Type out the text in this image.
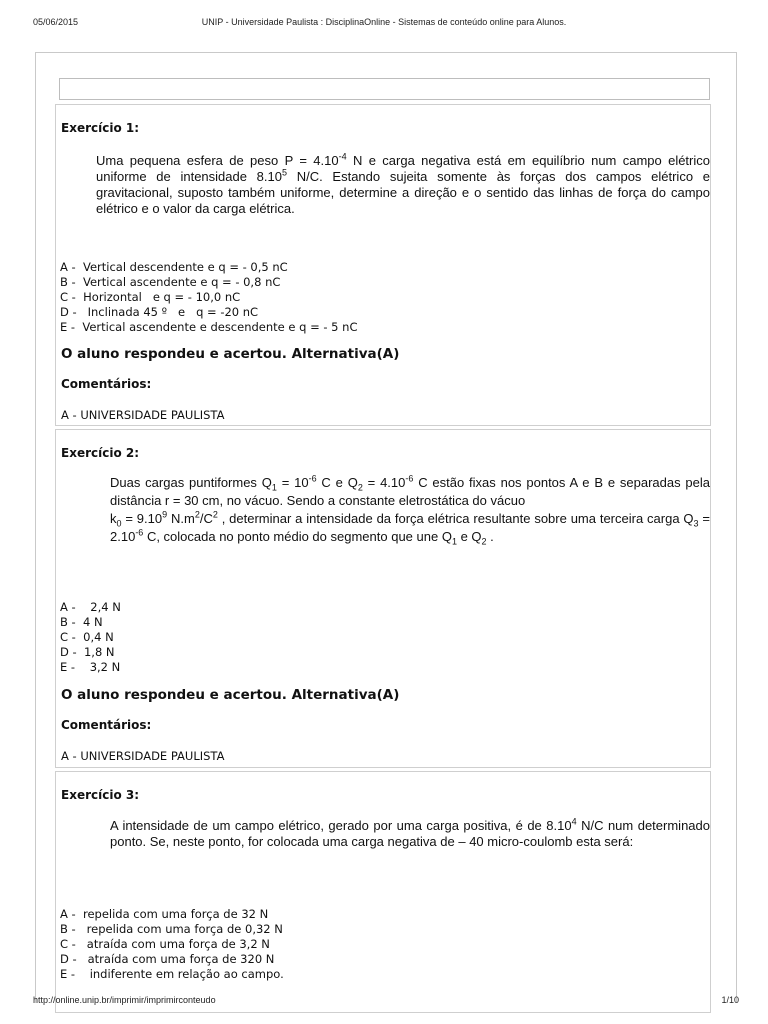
UNIP - Universidade Paulista : DisciplinaOnline - Sistemas de conteúdo online para Alunos.
05/06/2015
Exercício 1:
Uma pequena esfera de peso $P = 4.10^{-4}$ N e carga negativa está em equilíbrio num campo elétrico uniforme de intensidade 8.10$^5$ N/C. Estando sujeita somente às forças dos campos elétrico e gravitacional, suposto também uniforme, determine a direção e o sentido das linhas de força do campo elétrico e o valor da carga elétrica.
A -  Vertical descendente e q = - 0,5 nC
B -  Vertical ascendente e q = - 0,8 nC
C -  Horizontal   e q = - 10,0 nC
D -   Inclinada 45 º   e   q = -20 nC
E -  Vertical ascendente e descendente e q = - 5 nC
O aluno respondeu e acertou. Alternativa(A)
Comentários:
A - UNIVERSIDADE PAULISTA
Exercício 2:
Duas cargas puntiformes $Q_1 = 10^{-6}$ C e $Q_2 = 4.10^{-6}$ C estão fixas nos pontos A e B e separadas pela distância r = 30 cm, no vácuo. Sendo a constante eletrostática do vácuo
$k_0 = 9.10^9$ $N.m^2/C^2$ , determinar a intensidade da força elétrica resultante sobre uma terceira carga $Q_3 = 2.10^{-6}$ C, colocada no ponto médio do segmento que une $Q_1$ e $Q_2$ .
A -    2,4 N
B -  4 N
C -  0,4 N
D -  1,8 N
E -    3,2 N
O aluno respondeu e acertou. Alternativa(A)
Comentários:
A - UNIVERSIDADE PAULISTA
Exercício 3:
A intensidade de um campo elétrico, gerado por uma carga positiva, é de 8.10$^4$ N/C num determinado ponto. Se, neste ponto, for colocada uma carga negativa de – 40 micro-coulomb esta será:
A -  repelida com uma força de 32 N
B -   repelida com uma força de 0,32 N
C -   atraída com uma força de 3,2 N
D -   atraída com uma força de 320 N
E -    indiferente em relação ao campo.
http://online.unip.br/imprimir/imprimirconteudo	1/10
